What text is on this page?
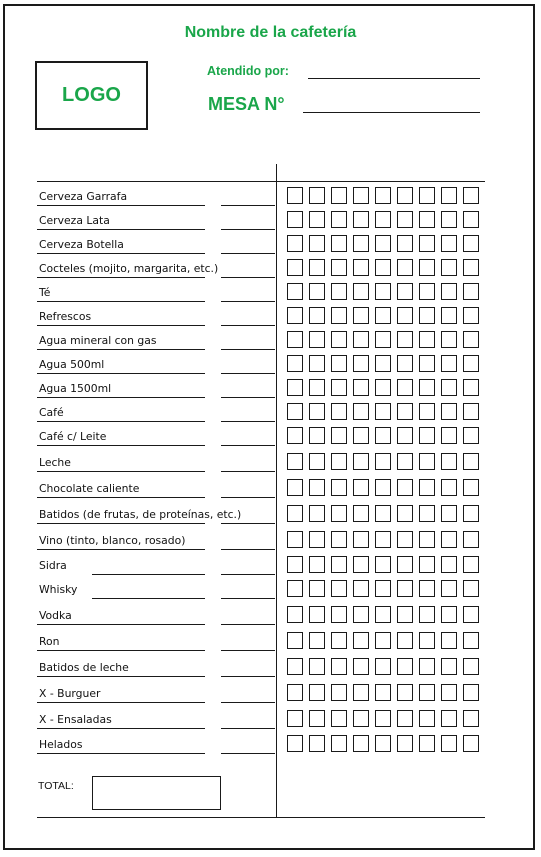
Nombre de la cafetería
LOGO
Atendido por:
MESA N°
Cerveza Garrafa
Cerveza Lata
Cerveza Botella
Cocteles (mojito, margarita, etc.)
Té
Refrescos
Agua mineral con gas
Agua 500ml
Agua 1500ml
Café
Café c/ Leite
Leche
Chocolate caliente
Batidos (de frutas, de proteínas, etc.)
Vino (tinto, blanco, rosado)
Sidra
Whisky
Vodka
Ron
Batidos de leche
X - Burguer
X - Ensaladas
Helados
TOTAL:
